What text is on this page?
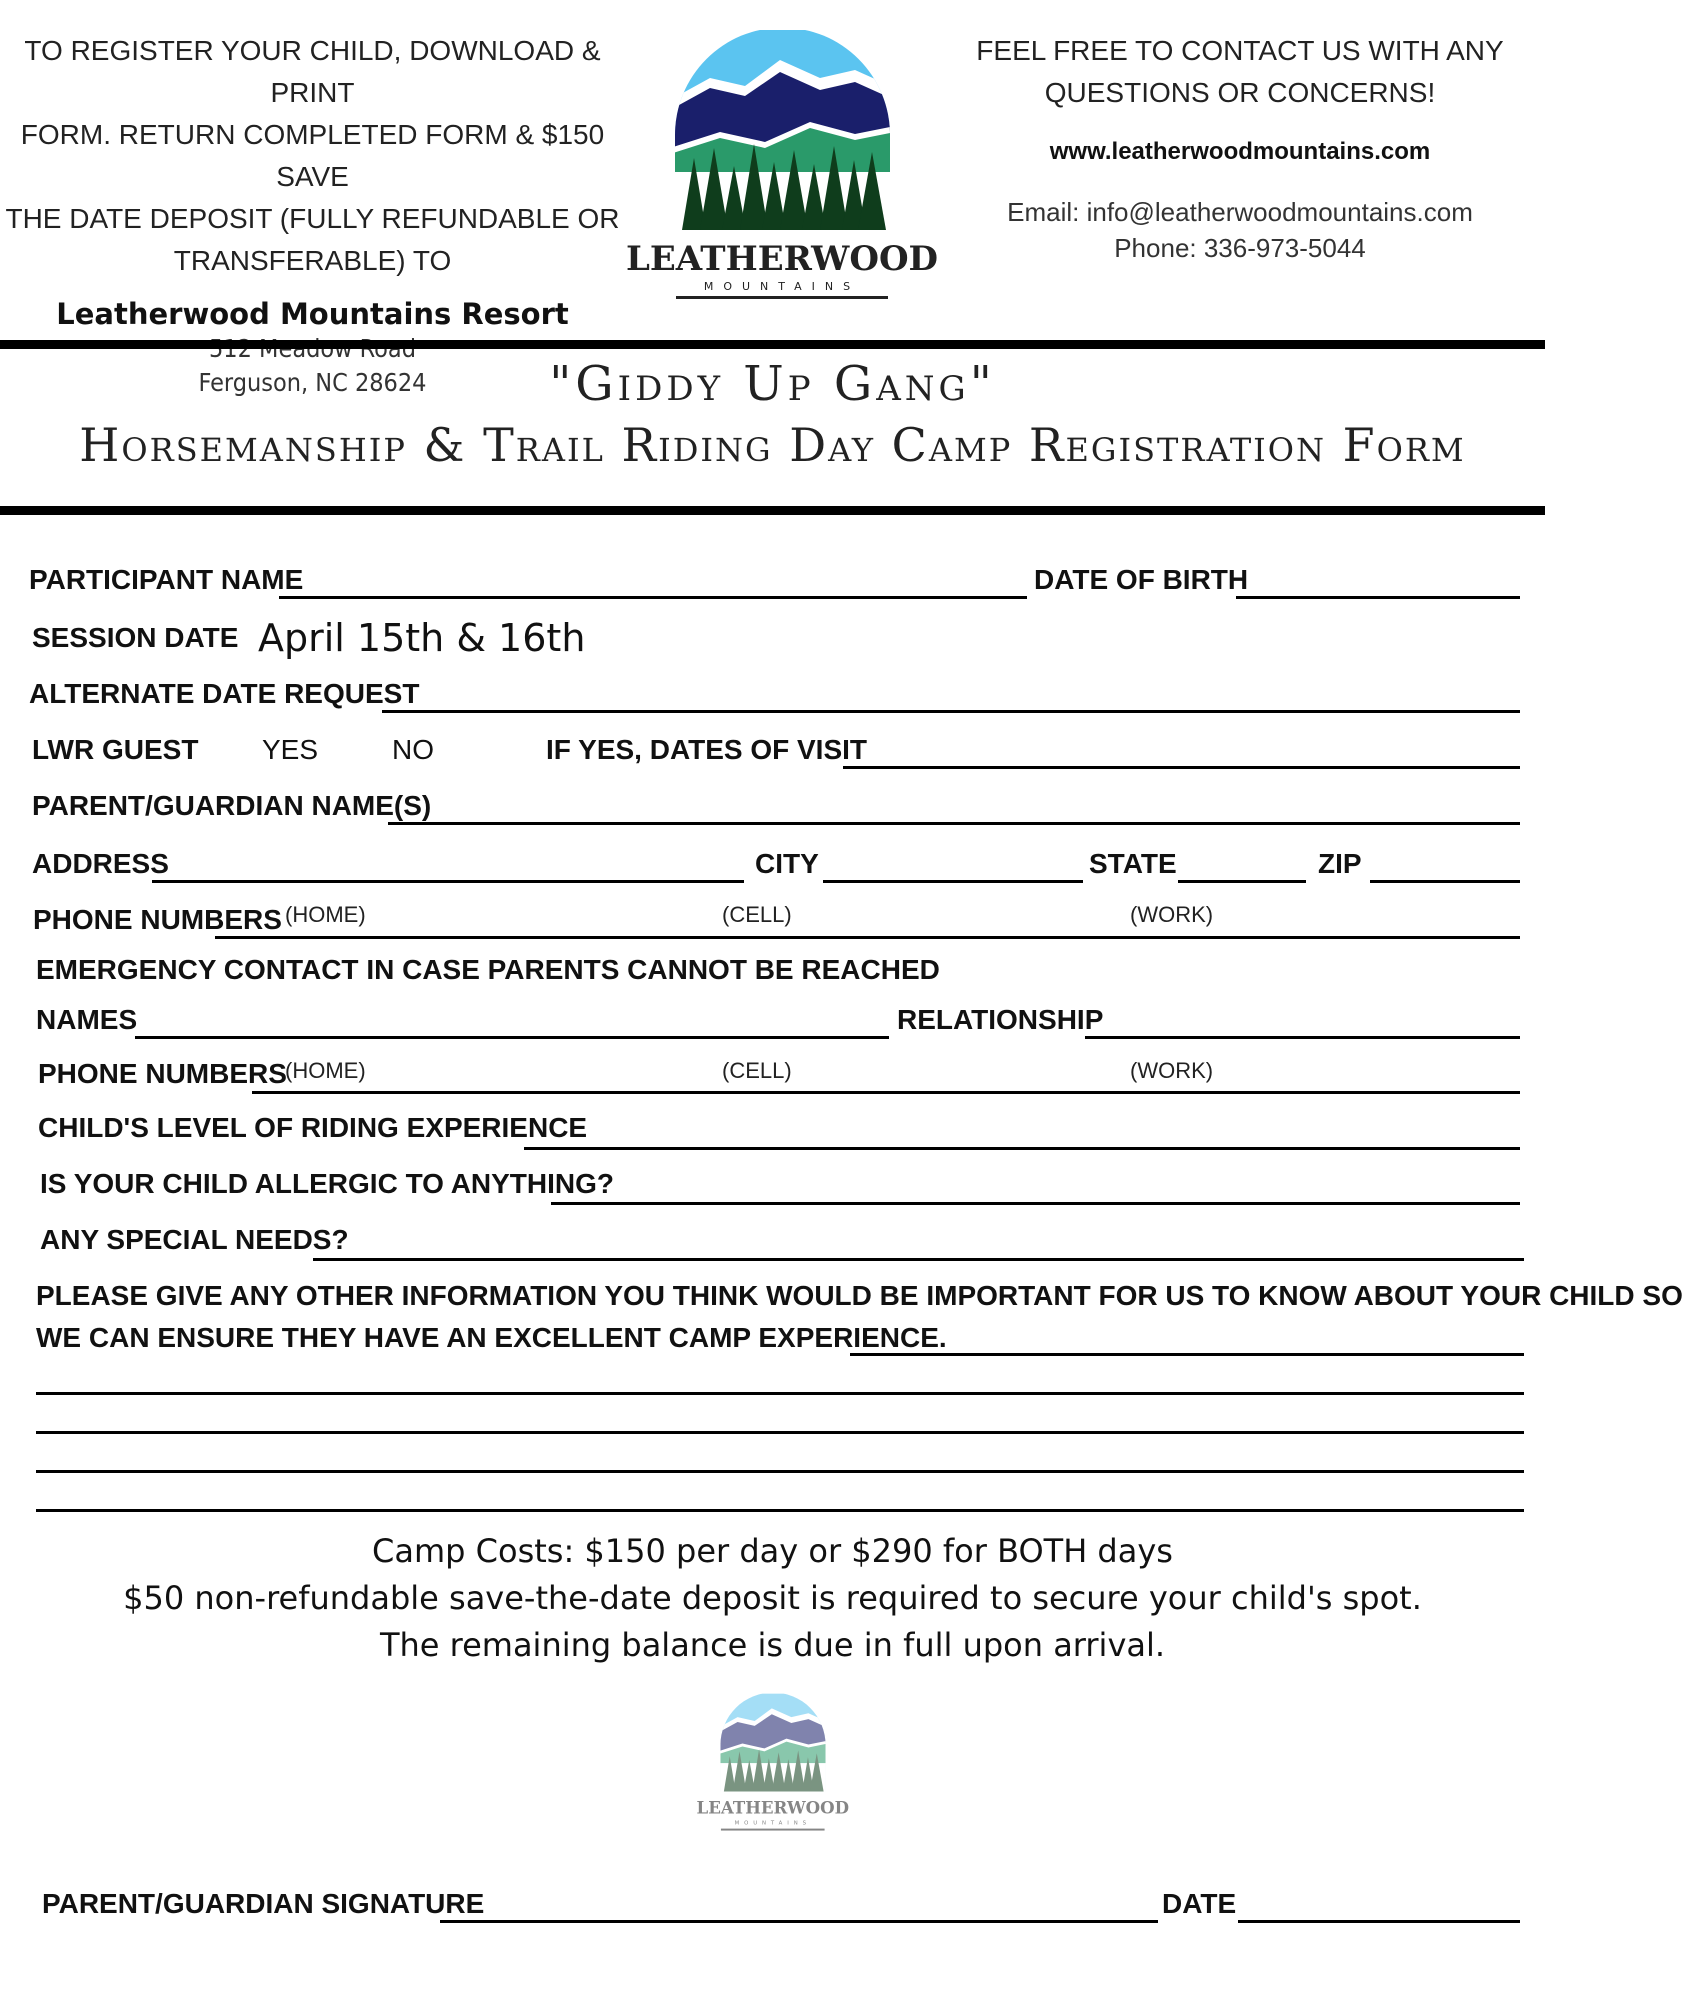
TO REGISTER YOUR CHILD, DOWNLOAD & PRINT
FORM. RETURN COMPLETED FORM & $150 SAVE
THE DATE DEPOSIT (FULLY REFUNDABLE OR
TRANSFERABLE) TO
Leatherwood Mountains Resort
Ferguson, NC 28624
LEATHERWOOD
MOUNTAINS
FEEL FREE TO CONTACT US WITH ANY
QUESTIONS OR CONCERNS!
www.leatherwoodmountains.com
Email: info@leatherwoodmountains.com
Phone: 336-973-5044
"Giddy Up Gang"
Horsemanship & Trail Riding Day Camp Registration Form
PARTICIPANT NAME	DATE OF BIRTH
SESSION DATE April 15th & 16th
ALTERNATE DATE REQUEST
LWR GUEST YES	NO	IF YES, DATES OF VISIT
PARENT/GUARDIAN NAME(S)
ADDRESS	CITY	STATE	ZIP
PHONE NUMBERS (HOME)	(CELL)	(WORK)
EMERGENCY CONTACT IN CASE PARENTS CANNOT BE REACHED
NAMES	RELATIONSHIP
PHONE NUMBERS
(HOME)	(CELL)	(WORK)
CHILD'S LEVEL OF RIDING EXPERIENCE
IS YOUR CHILD ALLERGIC TO ANYTHING?
ANY SPECIAL NEEDS?
PLEASE GIVE ANY OTHER INFORMATION YOU THINK WOULD BE IMPORTANT FOR US TO KNOW ABOUT YOUR CHILD SO
WE CAN ENSURE THEY HAVE AN EXCELLENT CAMP EXPERIENCE.
Camp Costs: $150 per day or $290 for BOTH days
$50 non-refundable save-the-date deposit is required to secure your child's spot.
The remaining balance is due in full upon arrival.
LEATHERWOOD
MOUNTAINS
PARENT/GUARDIAN SIGNATURE	DATE
